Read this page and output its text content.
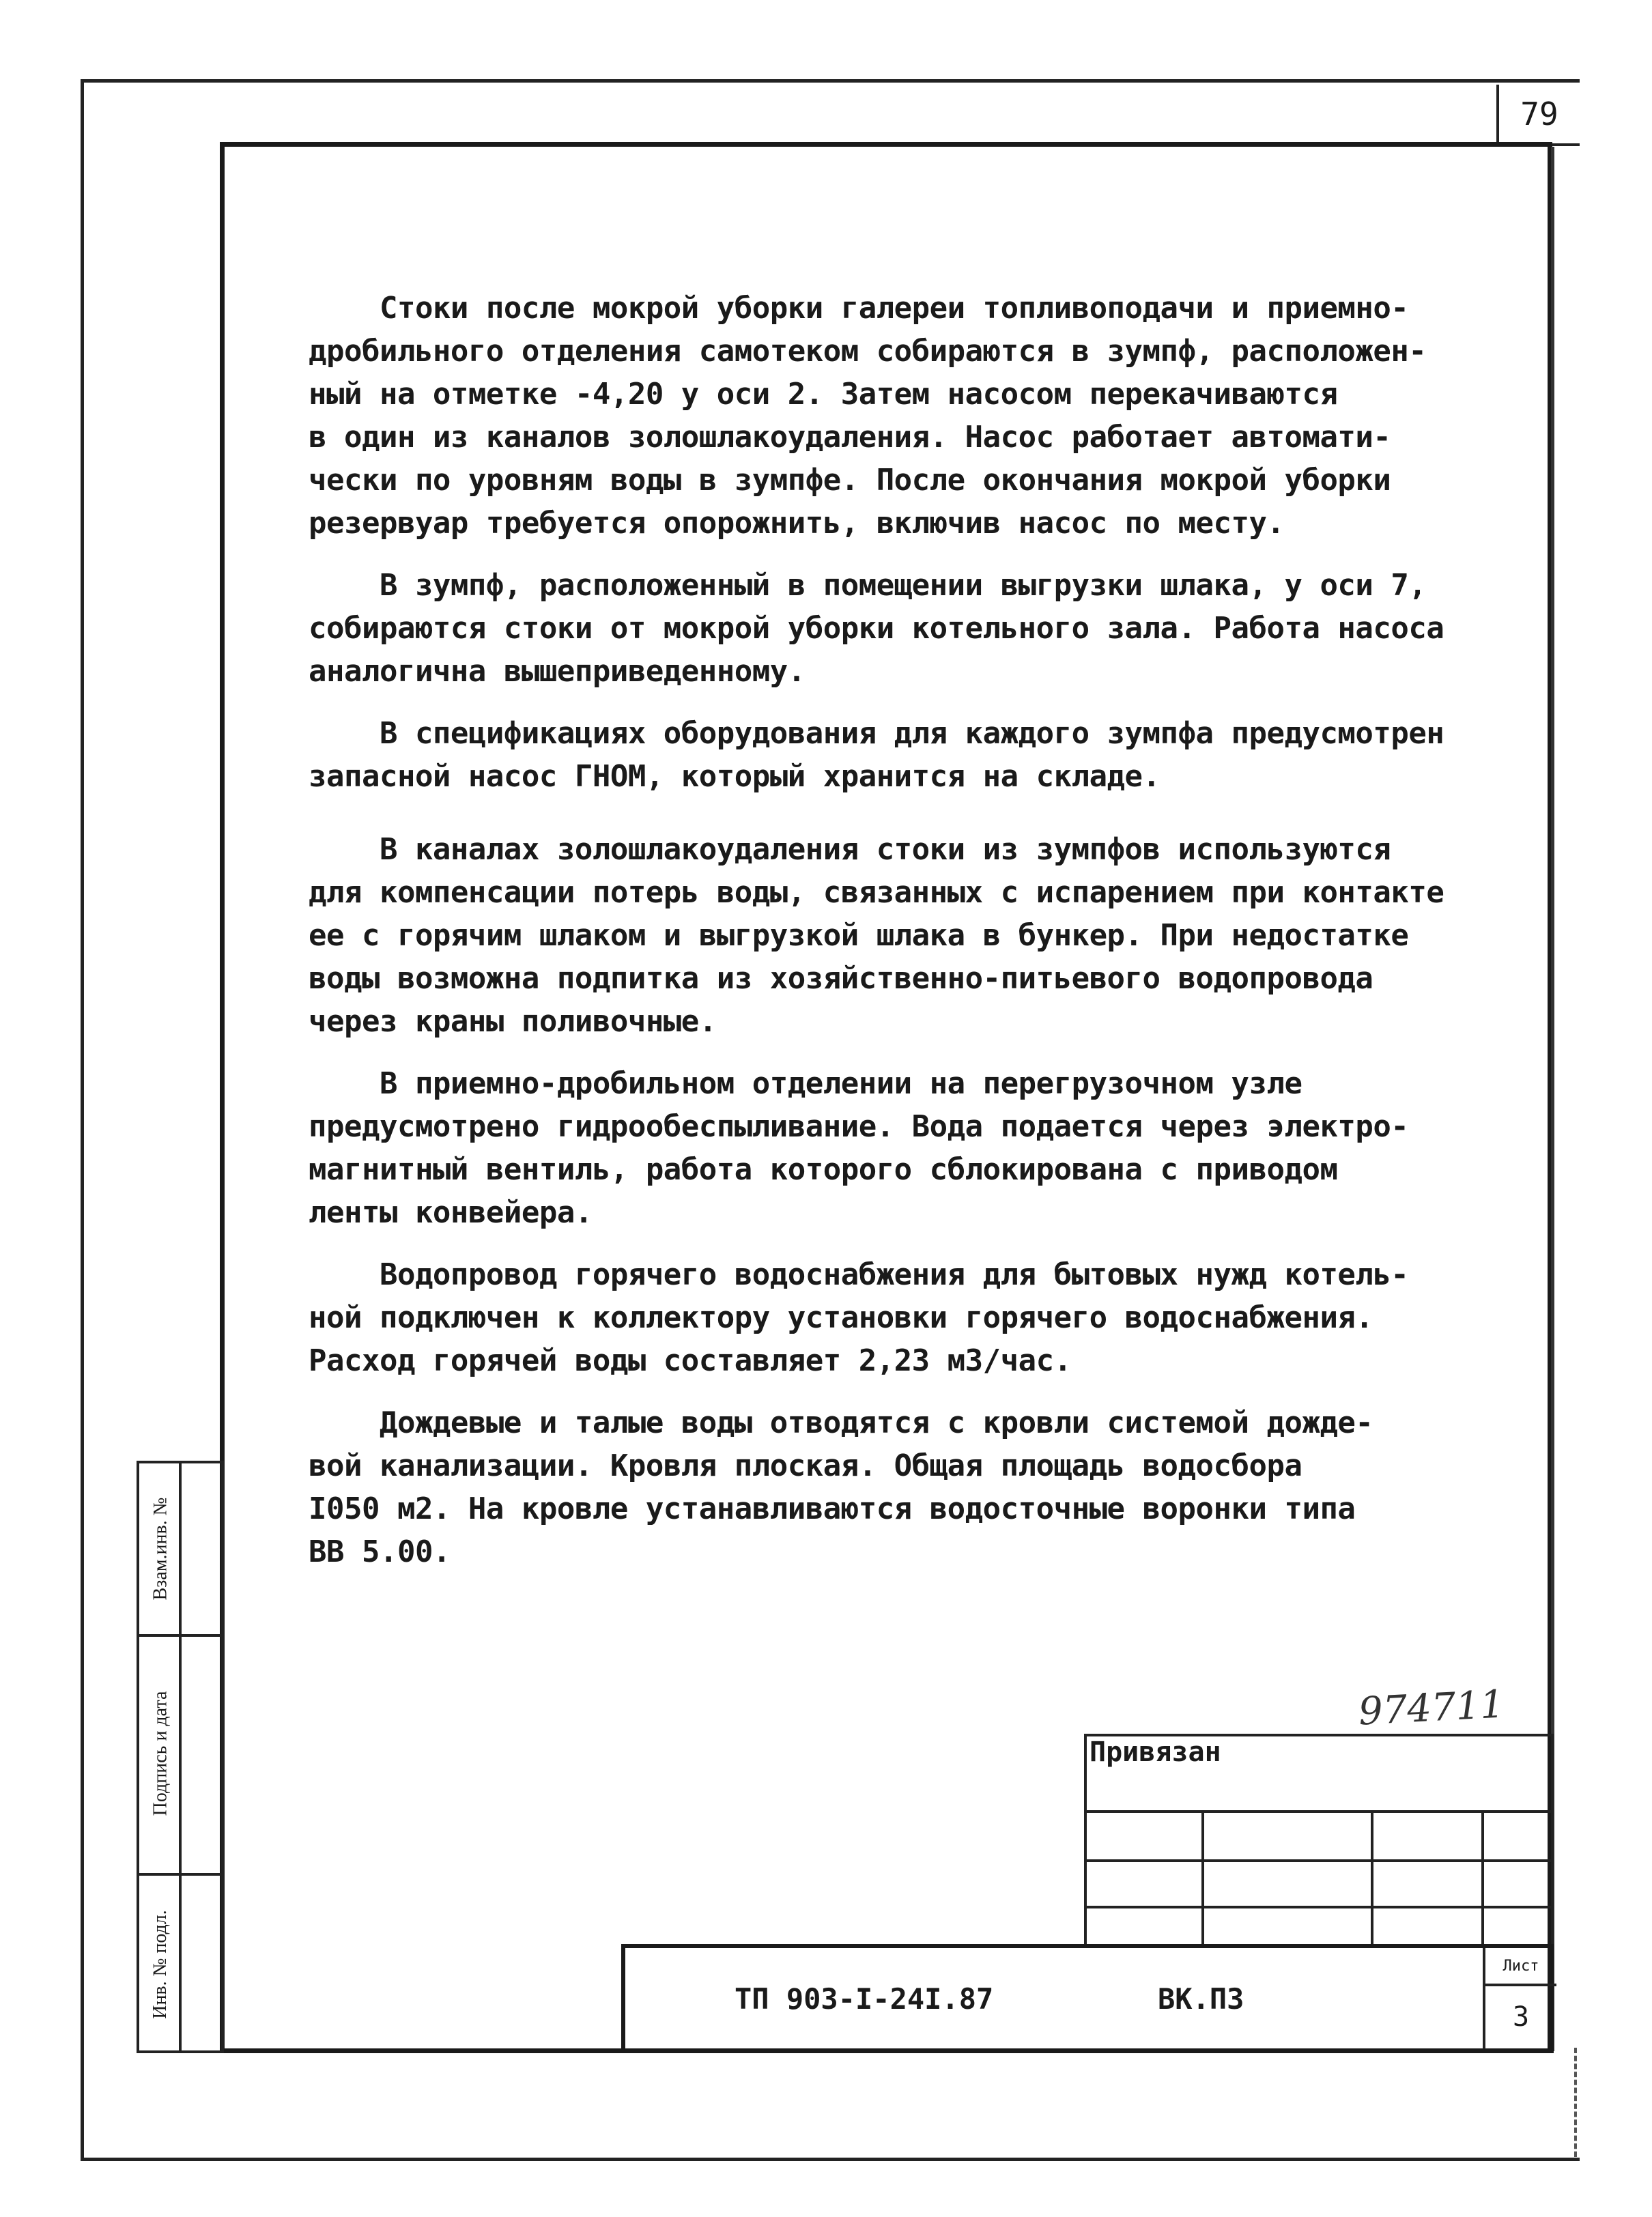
79
Взам.инв. №
Подпись и дата
Инв. № подл.

Стоки после мокрой уборки галереи топливоподачи и приемно-
дробильного отделения самотеком собираются в зумпф, расположен-
ный на отметке -4,20 у оси 2. Затем насосом перекачиваются
в один из каналов золошлакоудаления. Насос работает автомати-
чески по уровням воды в зумпфе. После окончания мокрой уборки
резервуар требуется опорожнить, включив насос по месту.

В зумпф, расположенный в помещении выгрузки шлака, у оси 7,
собираются стоки от мокрой уборки котельного зала. Работа насоса
аналогична вышеприведенному.

В спецификациях оборудования для каждого зумпфа предусмотрен
запасной насос ГНОМ, который хранится на складе.

В каналах золошлакоудаления стоки из зумпфов используются
для компенсации потерь воды, связанных с испарением при контакте
ее с горячим шлаком и выгрузкой шлака в бункер. При недостатке
воды возможна подпитка из хозяйственно-питьевого водопровода
через краны поливочные.

В приемно-дробильном отделении на перегрузочном узле
предусмотрено гидрообеспыливание. Вода подается через электро-
магнитный вентиль, работа которого сблокирована с приводом
ленты конвейера.

Водопровод горячего водоснабжения для бытовых нужд котель-
ной подключен к коллектору установки горячего водоснабжения.
Расход горячей воды составляет 2,23 м3/час.

Дождевые и талые воды отводятся с кровли системой дожде-
вой канализации. Кровля плоская. Общая площадь водосбора
I050 м2. На кровле устанавливаются водосточные воронки типа
ВВ 5.00.

974711
Привязан
ТП 903-I-24I.87	ВК.ПЗ
Лист
3
